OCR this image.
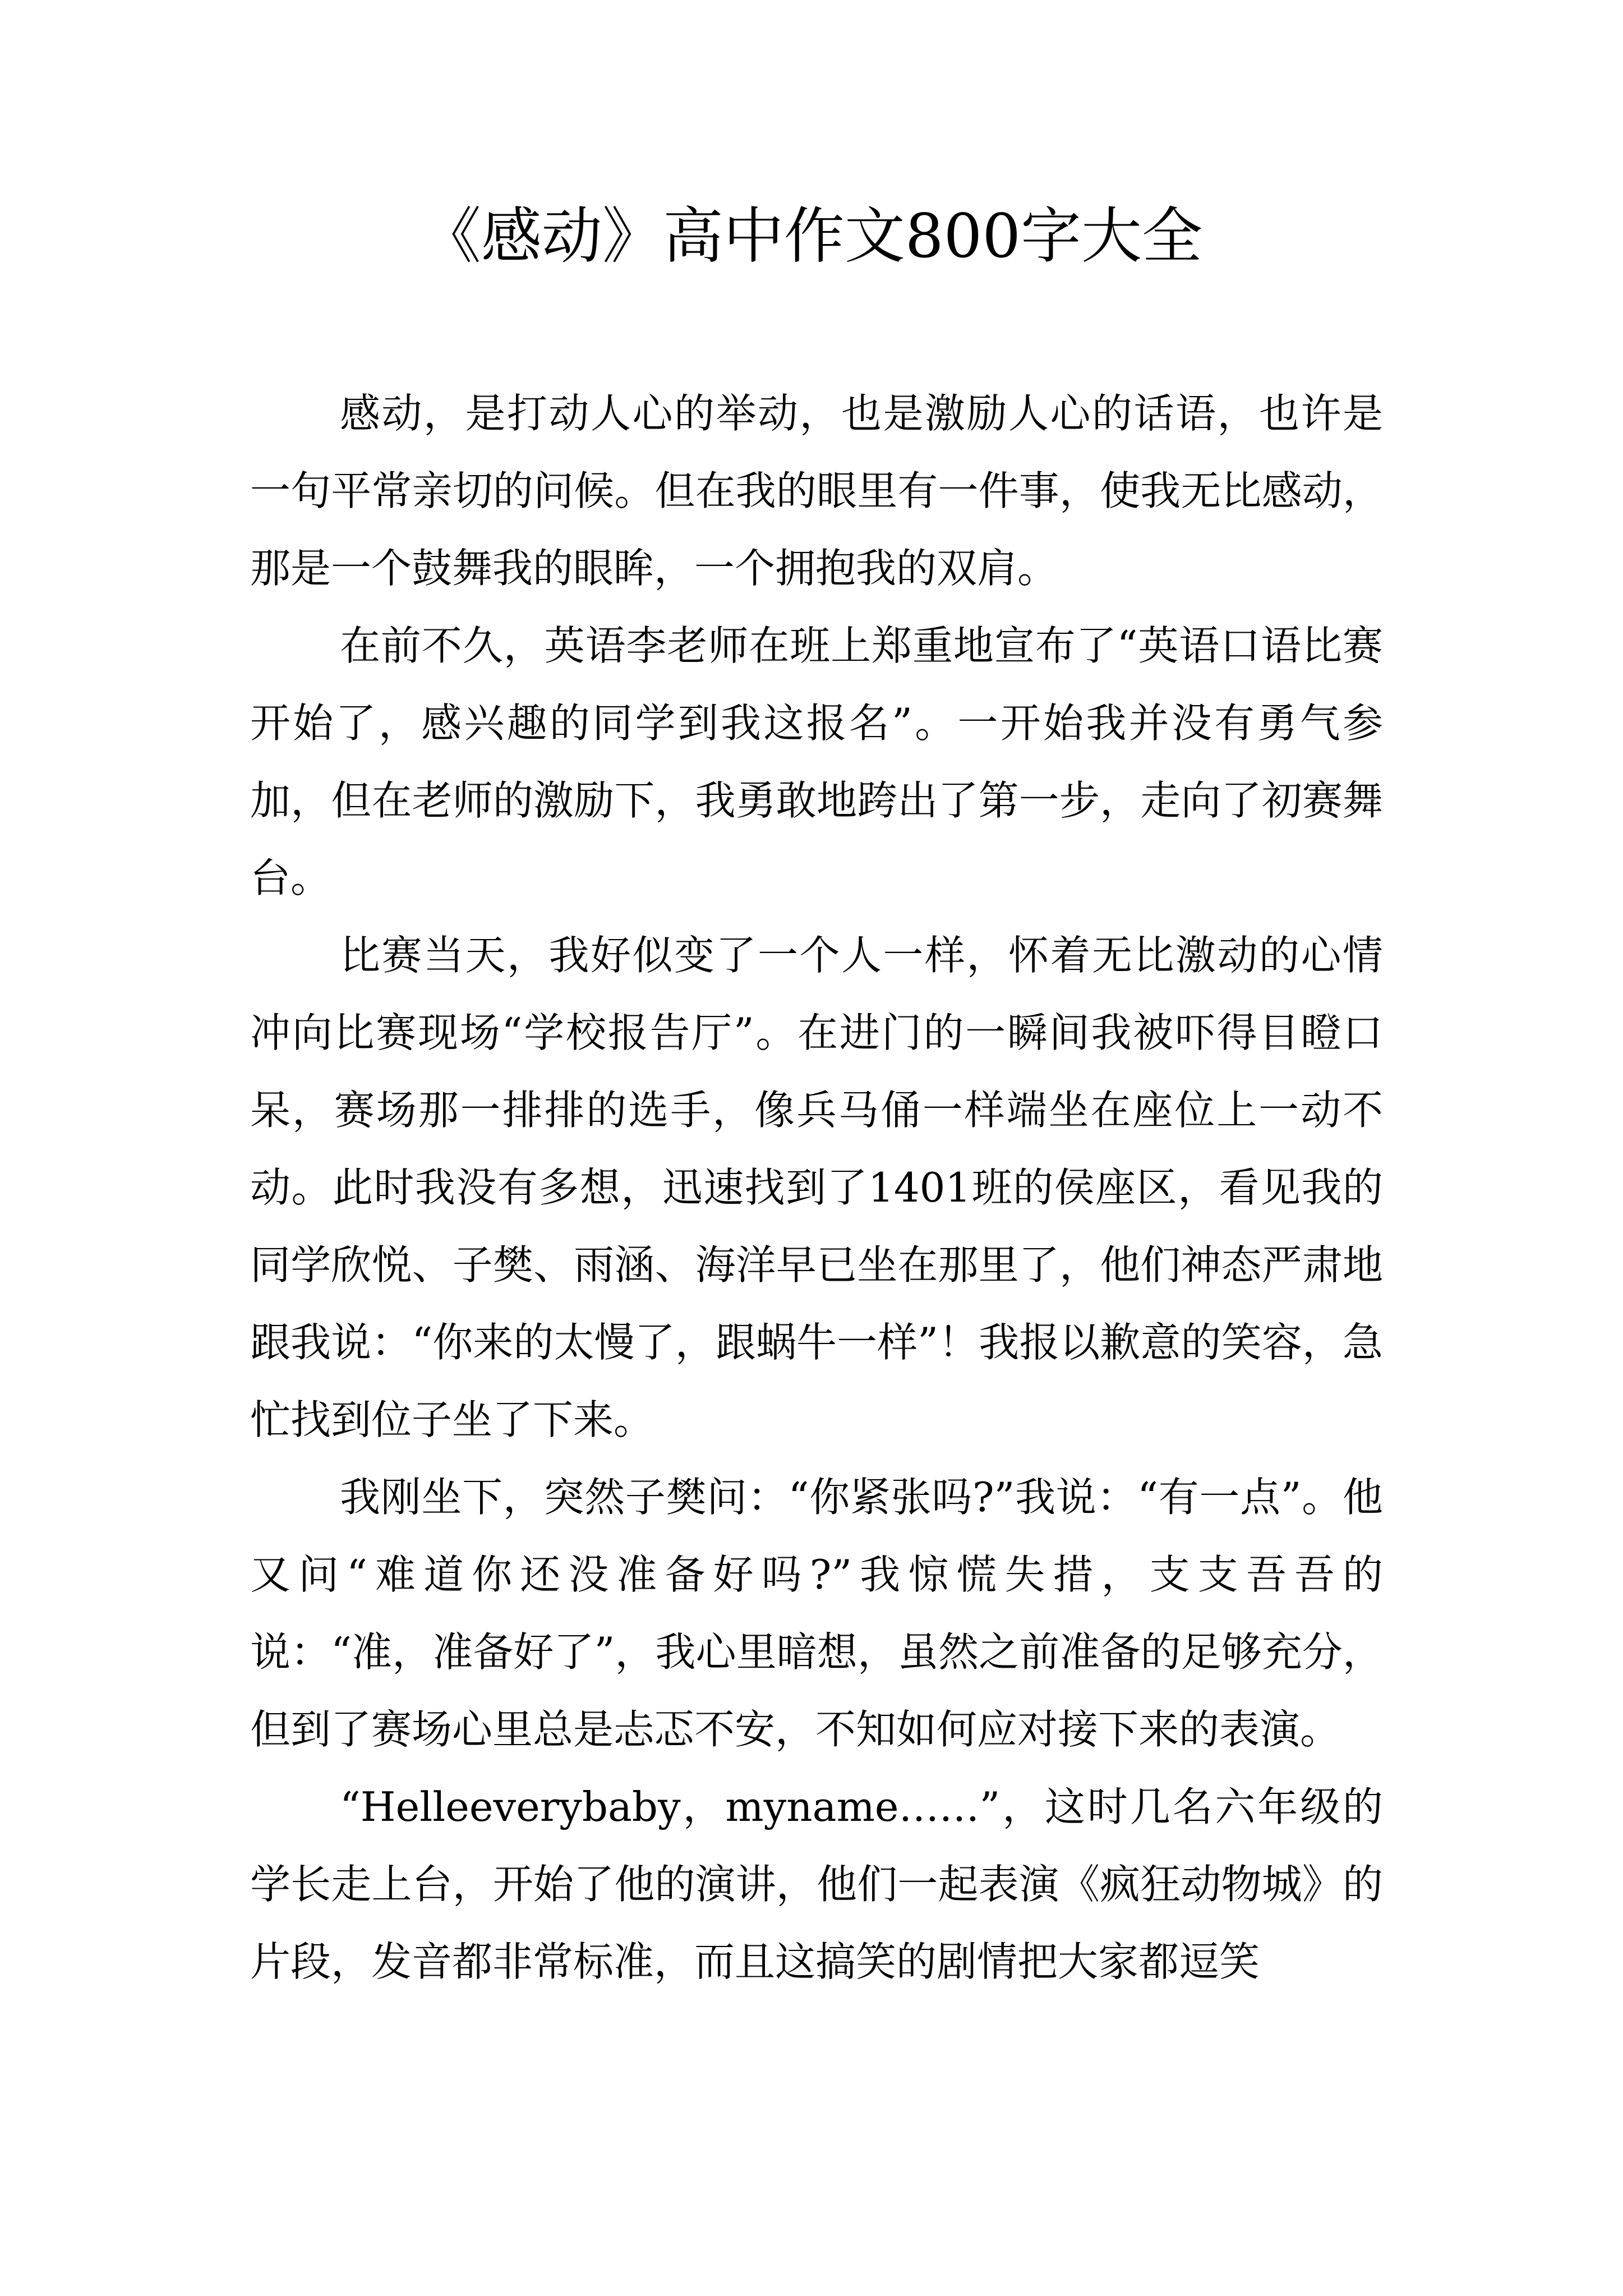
《感动》高中作文800字大全

感动，是打动人心的举动，也是激励人心的话语，也许是一句平常亲切的问候。但在我的眼里有一件事，使我无比感动，那是一个鼓舞我的眼眸，一个拥抱我的双肩。

在前不久，英语李老师在班上郑重地宣布了“英语口语比赛开始了，感兴趣的同学到我这报名”。一开始我并没有勇气参加，但在老师的激励下，我勇敢地跨出了第一步，走向了初赛舞台。

比赛当天，我好似变了一个人一样，怀着无比激动的心情冲向比赛现场“学校报告厅”。在进门的一瞬间我被吓得目瞪口呆，赛场那一排排的选手，像兵马俑一样端坐在座位上一动不动。此时我没有多想，迅速找到了1401班的侯座区，看见我的同学欣悦、子樊、雨涵、海洋早已坐在那里了，他们神态严肃地跟我说：“你来的太慢了，跟蜗牛一样”！我报以歉意的笑容，急忙找到位子坐了下来。

我刚坐下，突然子樊问：“你紧张吗?”我说：“有一点”。他又问“难道你还没准备好吗?”我惊慌失措，支支吾吾的说：“准，准备好了”，我心里暗想，虽然之前准备的足够充分，但到了赛场心里总是忐忑不安，不知如何应对接下来的表演。

“Helleeverybaby，myname……”，这时几名六年级的学长走上台，开始了他的演讲，他们一起表演《疯狂动物城》的片段，发音都非常标准，而且这搞笑的剧情把大家都逗笑
